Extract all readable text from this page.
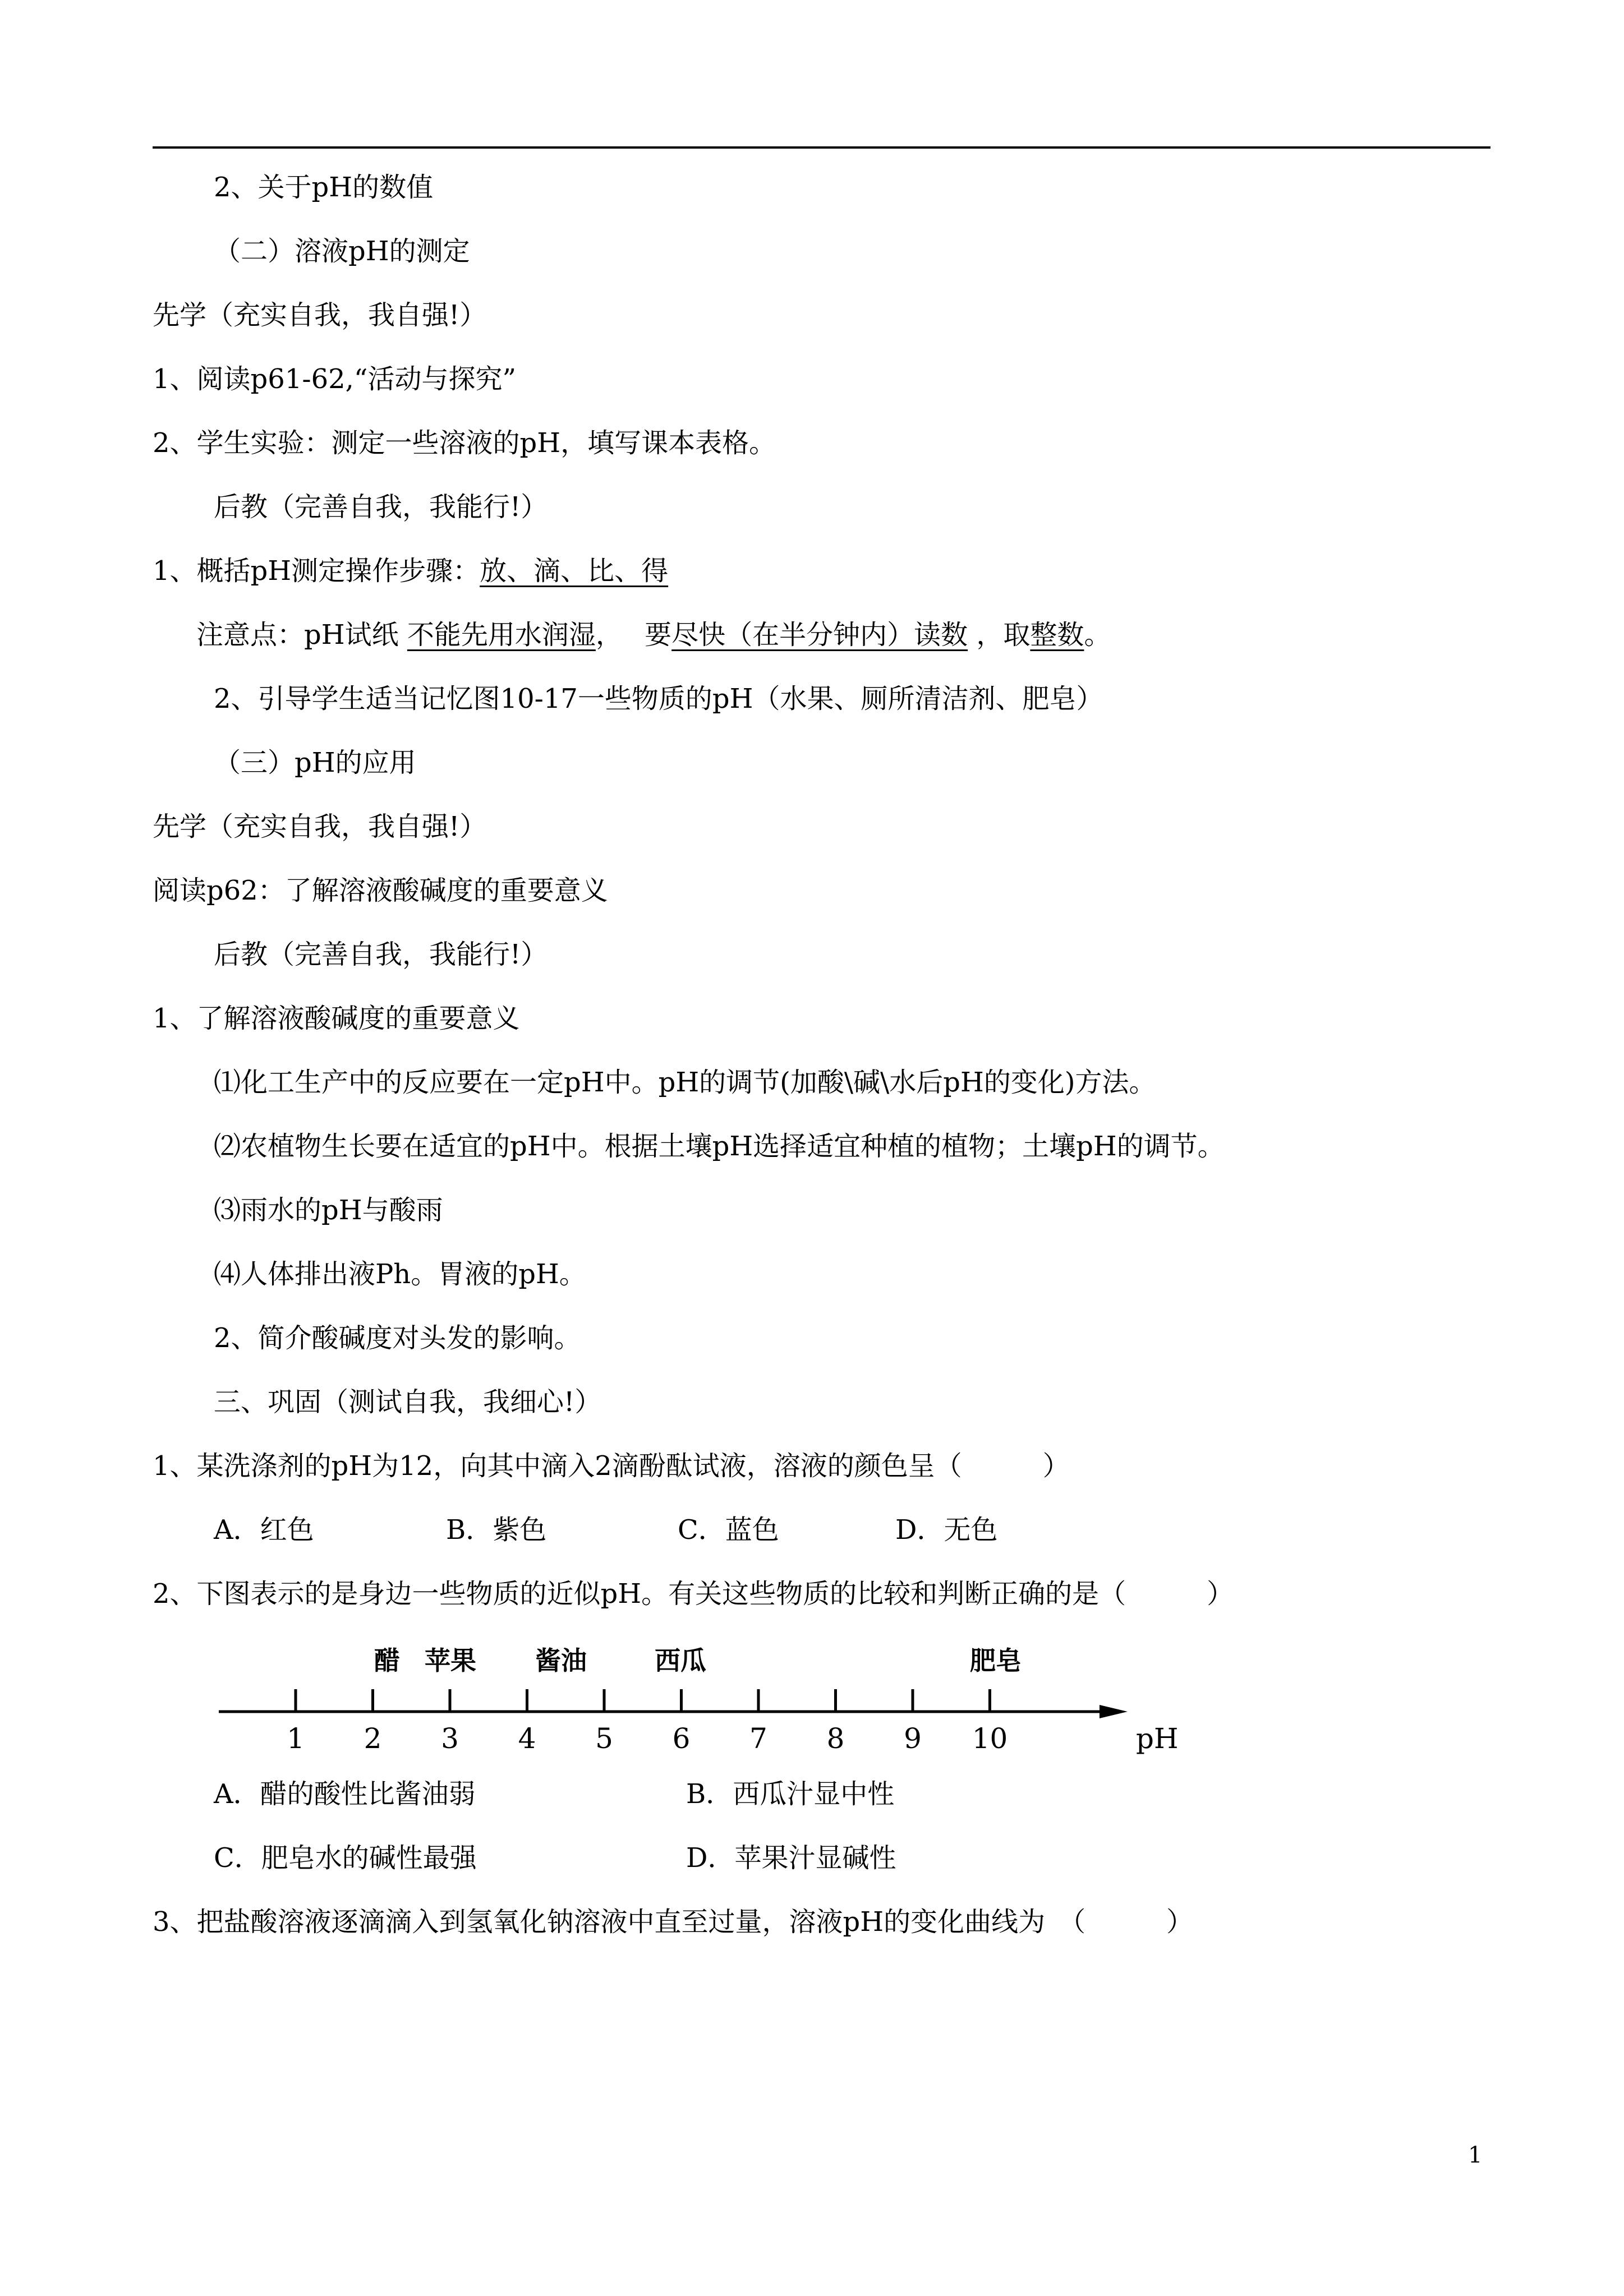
2、关于pH的数值
（二）溶液pH的测定
先学（充实自我，我自强!）
1、阅读p61-62,“活动与探究”
2、学生实验：测定一些溶液的pH，填写课本表格。
后教（完善自我，我能行!）
1、概括pH测定操作步骤：放、滴、比、得
注意点：pH试纸 不能先用水润湿，　 要尽快（在半分钟内）读数 ，取整数。
2、引导学生适当记忆图10-17一些物质的pH（水果、厕所清洁剂、肥皂）
（三）pH的应用
先学（充实自我，我自强!）
阅读p62：了解溶液酸碱度的重要意义
后教（完善自我，我能行!）
1、了解溶液酸碱度的重要意义
⑴化工生产中的反应要在一定pH中。pH的调节(加酸\碱\水后pH的变化)方法。
⑵农植物生长要在适宜的pH中。根据土壤pH选择适宜种植的植物；土壤pH的调节。
⑶雨水的pH与酸雨
⑷人体排出液Ph。胃液的pH。
2、简介酸碱度对头发的影响。
三、巩固（测试自我，我细心!）
1、某洗涤剂的pH为12，向其中滴入2滴酚酞试液，溶液的颜色呈（　　　）
A．红色	B．紫色	C．蓝色	D．无色
2、下图表示的是身边一些物质的近似pH。有关这些物质的比较和判断正确的是（　　　）
醋 苹果 酱油	西瓜	肥皂
1 2 3 4 5 6 7 8 9 10	pH
A．醋的酸性比酱油弱	B．西瓜汁显中性
C．肥皂水的碱性最强	D．苹果汁显碱性
3、把盐酸溶液逐滴滴入到氢氧化钠溶液中直至过量，溶液pH的变化曲线为　（　　　）
1
